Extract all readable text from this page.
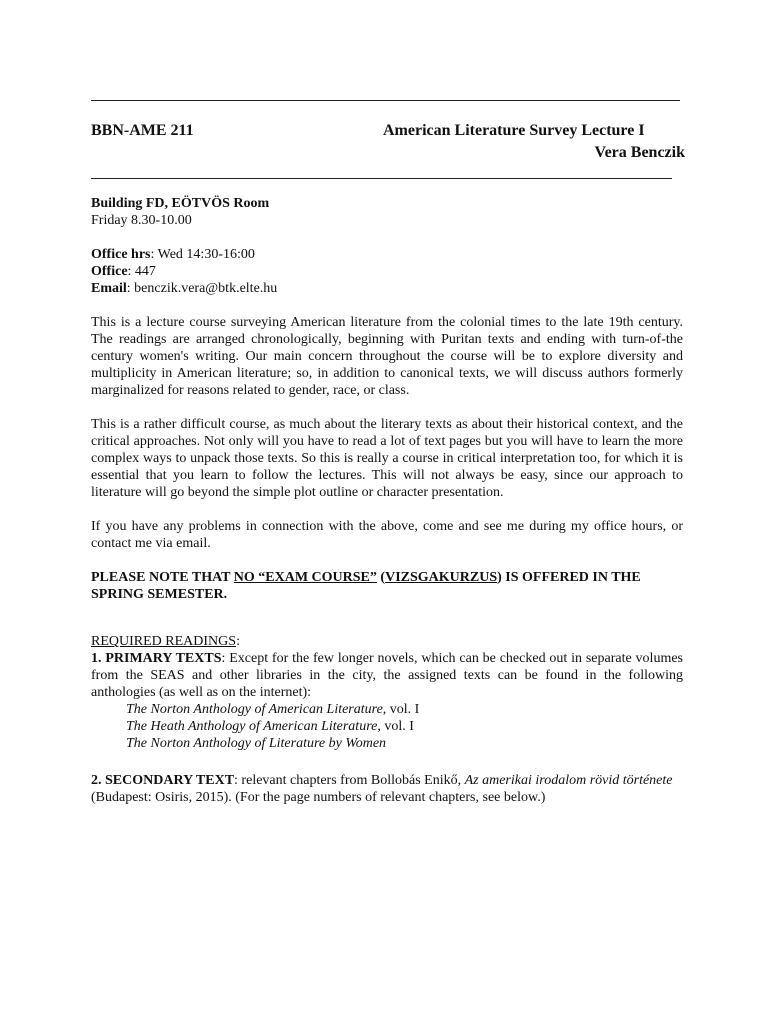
BBN-AME 211	American Literature Survey Lecture I
Vera Benczik

Building FD, EÖTVÖS Room

Friday 8.30-10.00

Office hrs: Wed 14:30-16:00

Office: 447

Email: benczik.vera@btk.elte.hu

This is a lecture course surveying American literature from the colonial times to the late 19th century. The readings are arranged chronologically, beginning with Puritan texts and ending with turn-of-the century women's writing. Our main concern throughout the course will be to explore diversity and multiplicity in American literature; so, in addition to canonical texts, we will discuss authors formerly marginalized for reasons related to gender, race, or class.

This is a rather difficult course, as much about the literary texts as about their historical context, and the critical approaches. Not only will you have to read a lot of text pages but you will have to learn the more complex ways to unpack those texts. So this is really a course in critical interpretation too, for which it is essential that you learn to follow the lectures. This will not always be easy, since our approach to literature will go beyond the simple plot outline or character presentation.

If you have any problems in connection with the above, come and see me during my office hours, or contact me via email.

PLEASE NOTE THAT NO “EXAM COURSE” (VIZSGAKURZUS) IS OFFERED IN THE SPRING SEMESTER.

REQUIRED READINGS:

1. PRIMARY TEXTS: Except for the few longer novels, which can be checked out in separate volumes from the SEAS and other libraries in the city, the assigned texts can be found in the following anthologies (as well as on the internet):

The Norton Anthology of American Literature, vol. I

The Heath Anthology of American Literature, vol. I

The Norton Anthology of Literature by Women

2. SECONDARY TEXT: relevant chapters from Bollobás Enikő, Az amerikai irodalom rövid története (Budapest: Osiris, 2015). (For the page numbers of relevant chapters, see below.)
